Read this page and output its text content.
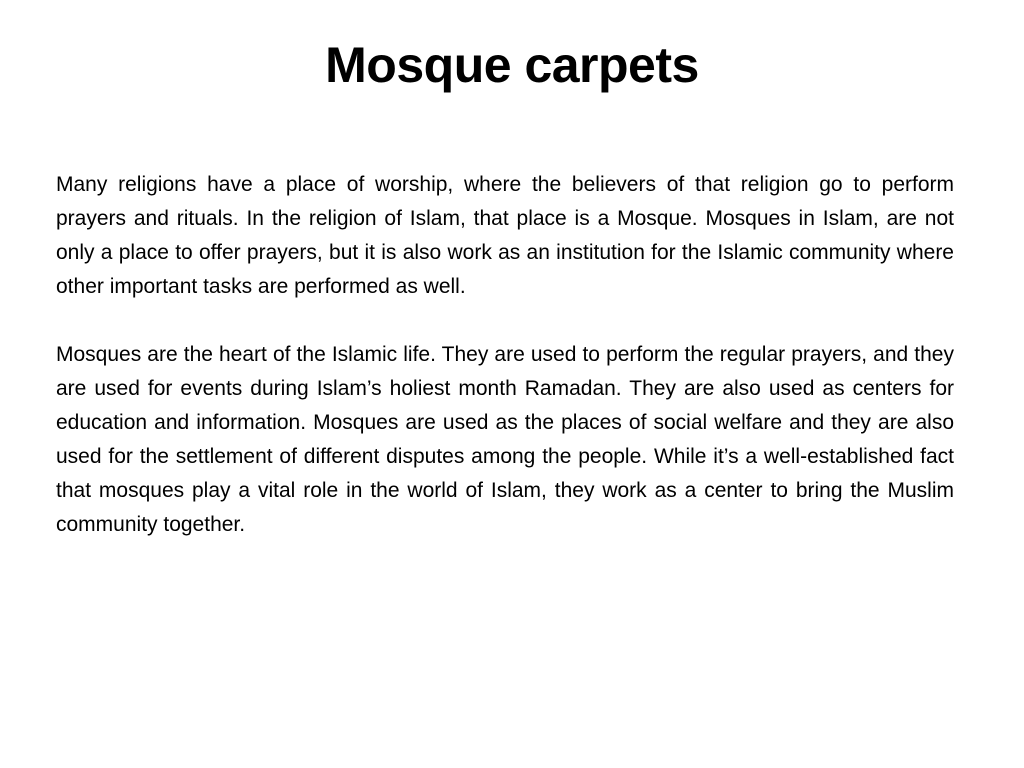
Mosque carpets

Many religions have a place of worship, where the believers of that religion go to perform prayers and rituals. In the religion of Islam, that place is a Mosque. Mosques in Islam, are not only a place to offer prayers, but it is also work as an institution for the Islamic community where other important tasks are performed as well.

Mosques are the heart of the Islamic life. They are used to perform the regular prayers, and they are used for events during Islam’s holiest month Ramadan. They are also used as centers for education and information. Mosques are used as the places of social welfare and they are also used for the settlement of different disputes among the people. While it’s a well-established fact that mosques play a vital role in the world of Islam, they work as a center to bring the Muslim community together.
